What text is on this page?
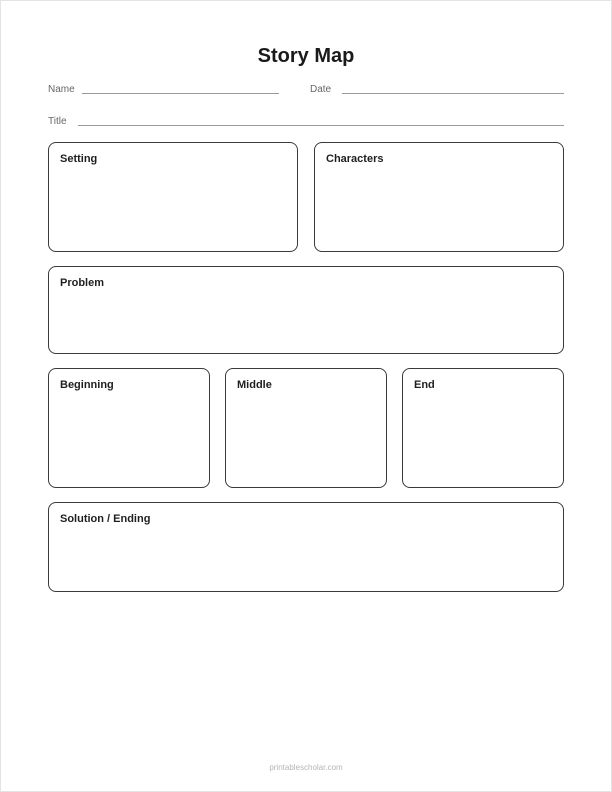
Story Map
Name	Date
Title
Setting	Characters
Problem
Beginning	Middle	End
Solution / Ending
printablescholar.com
